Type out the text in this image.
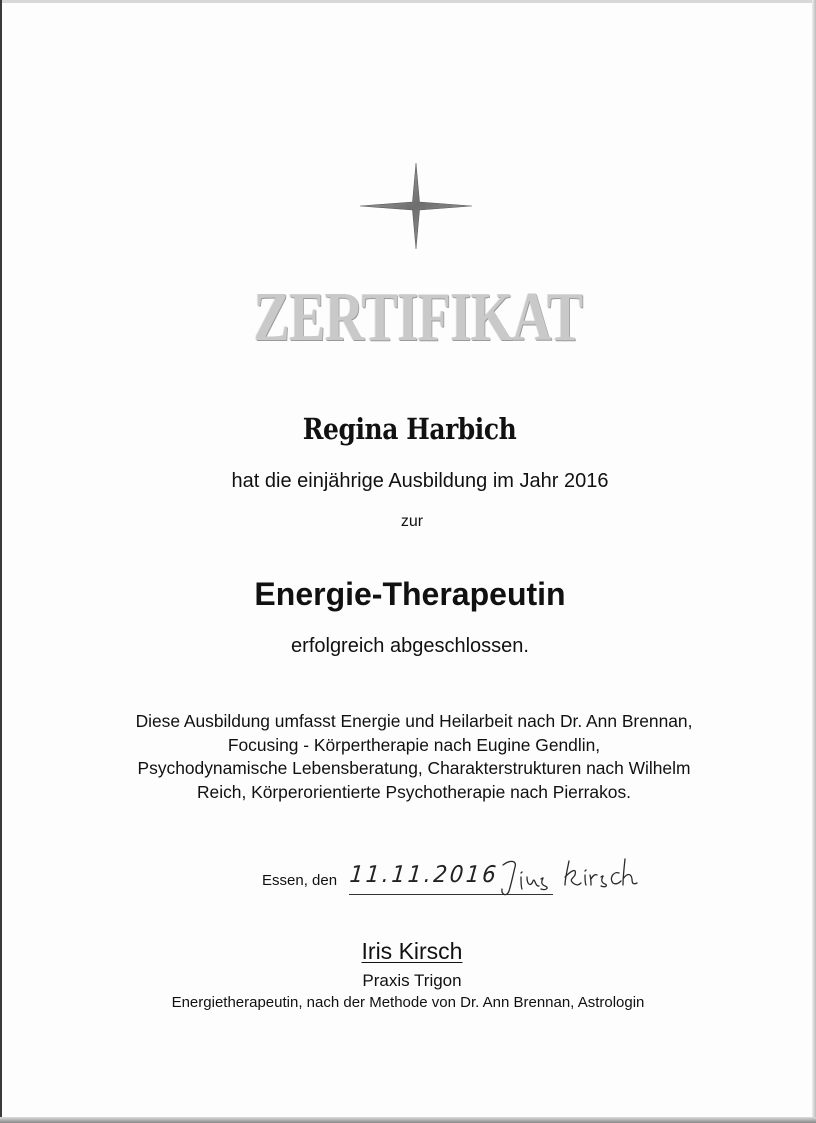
ZERTIFIKAT

Regina Harbich

hat die einjährige Ausbildung im Jahr 2016

zur

Energie-Therapeutin

erfolgreich abgeschlossen.

Diese Ausbildung umfasst Energie und Heilarbeit nach Dr. Ann Brennan,
Focusing - Körpertherapie nach Eugine Gendlin,
Psychodynamische Lebensberatung, Charakterstrukturen nach Wilhelm
Reich, Körperorientierte Psychotherapie nach Pierrakos.
Essen, den 11.11.2016

Iris Kirsch

Praxis Trigon

Energietherapeutin, nach der Methode von Dr. Ann Brennan, Astrologin
